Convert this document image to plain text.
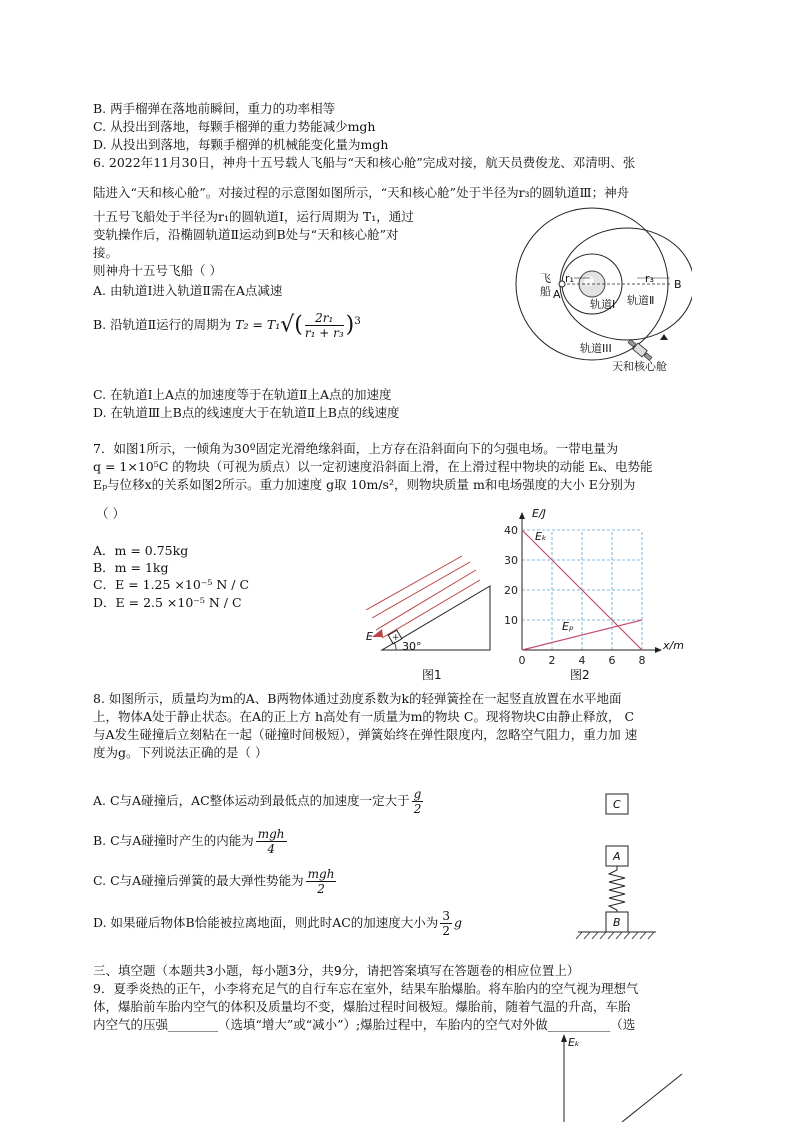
B. 两手榴弹在落地前瞬间，重力的功率相等
C. 从投出到落地，每颗手榴弹的重力势能减少mgh
D. 从投出到落地，每颗手榴弹的机械能变化量为mgh
6. 2022年11月30日，神舟十五号载人飞船与“天和核心舱”完成对接，航天员费俊龙、邓清明、张
陆进入“天和核心舱”。对接过程的示意图如图所示，“天和核心舱”处于半径为r₃的圆轨道Ⅲ；神舟
十五号飞船处于半径为r₁的圆轨道Ⅰ，运行周期为 T₁，通过
变轨操作后，沿椭圆轨道Ⅱ运动到B处与“天和核心舱”对
接。
则神舟十五号飞船（ ）
A. 由轨道Ⅰ进入轨道Ⅱ需在A点减速
B. 沿轨道Ⅱ运行的周期为 $T_2 = T_1√( \frac{\text{2r₁}}{\text{r₁ + r₃}} )^3$
C. 在轨道Ⅰ上A点的加速度等于在轨道Ⅱ上A点的加速度
D. 在轨道Ⅲ上B点的线速度大于在轨道Ⅱ上B点的线速度
r₁	r₃
A
B
飞船
轨道Ⅰ 轨道Ⅱ
轨道III
天和核心舱
7．如图1所示，一倾角为30º固定光滑绝缘斜面，上方存在沿斜面向下的匀强电场。一带电量为
q = 1×10⁵C 的物块（可视为质点）以一定初速度沿斜面上滑，在上滑过程中物块的动能 Eₖ、电势能
Eₚ与位移x的关系如图2所示。重力加速度 g取 10m/s²，则物块质量 m和电场强度的大小 E分别为
（ ）
A．m = 0.75kg
B．m = 1kg
C．E = 1.25 ×10⁻⁵ N / C
D．E = 2.5 ×10⁻⁵ N / C
+
E
30°
图1
0 2 4 6 8
10
20
30
40
E/J
x/m
Eₖ
Eₚ
图2
8. 如图所示，质量均为m的A、B两物体通过劲度系数为k的轻弹簧拴在一起竖直放置在水平地面
上，物体A处于静止状态。在A的正上方 h高处有一质量为m的物块 C。现将物块C由静止释放， C
与A发生碰撞后立刻粘在一起（碰撞时间极短），弹簧始终在弹性限度内，忽略空气阻力，重力加 速
度为g。下列说法正确的是（ ）
A. C与A碰撞后，AC整体运动到最低点的加速度一定大于 $\frac{g}{2}$
B. C与A碰撞时产生的内能为 $\frac{\text{mgh}}{4}$
C. C与A碰撞后弹簧的最大弹性势能为 $\frac{\text{mgh}}{2}$
D. 如果碰后物体B恰能被拉离地面，则此时AC的加速度大小为 $\frac{3}{2}$ g
C
A
B
三、填空题（本题共3小题，每小题3分，共9分，请把答案填写在答题卷的相应位置上）
9．夏季炎热的正午，小李将充足气的自行车忘在室外，结果车胎爆胎。将车胎内的空气视为理想气
体，爆胎前车胎内空气的体积及质量均不变，爆胎过程时间极短。爆胎前，随着气温的升高，车胎
内空气的压强________（选填“增大”或“减小”）;爆胎过程中，车胎内的空气对外做__________（选
Eₖ
